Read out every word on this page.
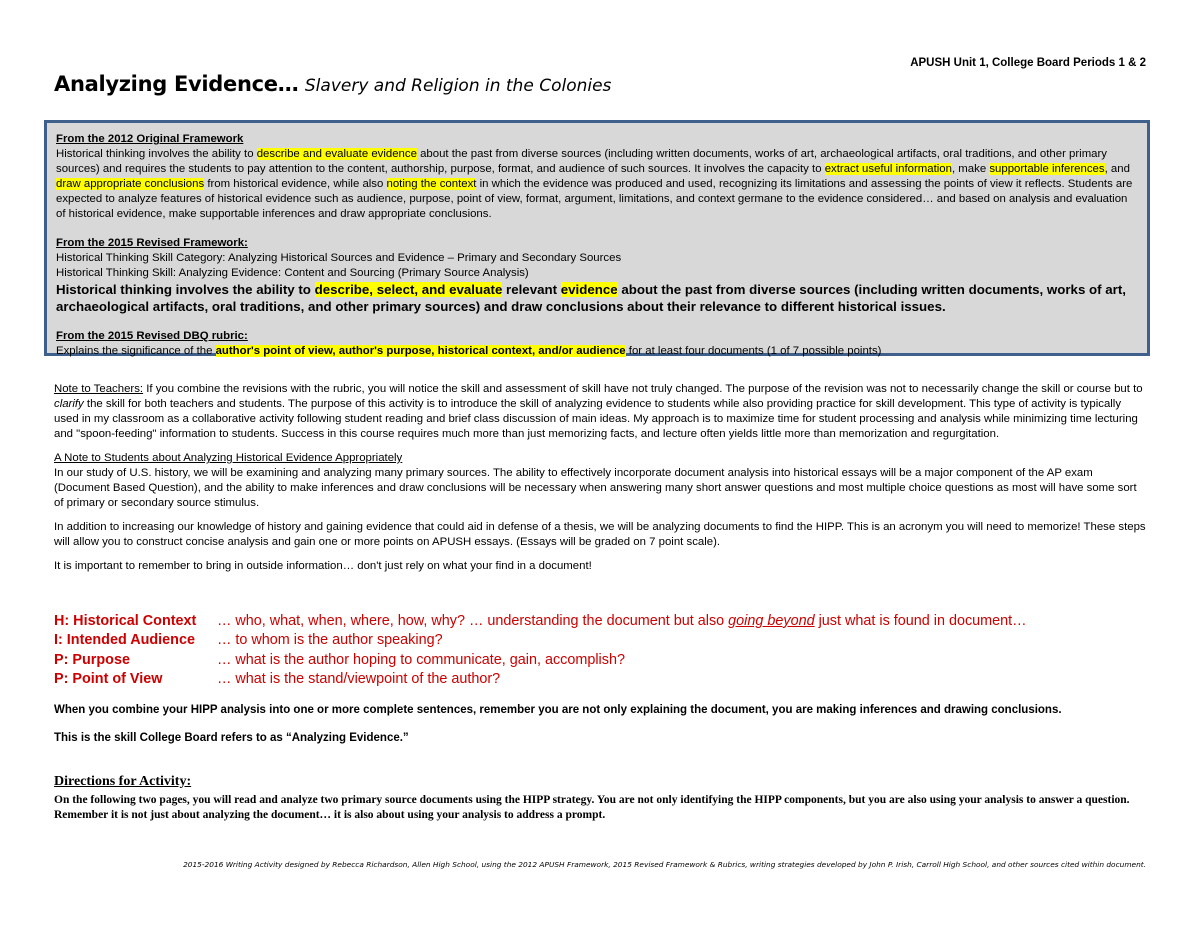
APUSH Unit 1, College Board Periods 1 & 2
Analyzing Evidence… Slavery and Religion in the Colonies
From the 2012 Original Framework
Historical thinking involves the ability to describe and evaluate evidence about the past from diverse sources (including written documents, works of art, archaeological artifacts, oral traditions, and other primary sources) and requires the students to pay attention to the content, authorship, purpose, format, and audience of such sources. It involves the capacity to extract useful information, make supportable inferences, and draw appropriate conclusions from historical evidence, while also noting the context in which the evidence was produced and used, recognizing its limitations and assessing the points of view it reflects. Students are expected to analyze features of historical evidence such as audience, purpose, point of view, format, argument, limitations, and context germane to the evidence considered… and based on analysis and evaluation of historical evidence, make supportable inferences and draw appropriate conclusions.
From the 2015 Revised Framework:
Historical Thinking Skill Category: Analyzing Historical Sources and Evidence – Primary and Secondary Sources
Historical Thinking Skill: Analyzing Evidence: Content and Sourcing (Primary Source Analysis)
Historical thinking involves the ability to describe, select, and evaluate relevant evidence about the past from diverse sources (including written documents, works of art, archaeological artifacts, oral traditions, and other primary sources) and draw conclusions about their relevance to different historical issues.
From the 2015 Revised DBQ rubric:
Explains the significance of the author's point of view, author's purpose, historical context, and/or audience for at least four documents (1 of 7 possible points)

Note to Teachers: If you combine the revisions with the rubric, you will notice the skill and assessment of skill have not truly changed. The purpose of the revision was not to necessarily change the skill or course but to clarify the skill for both teachers and students. The purpose of this activity is to introduce the skill of analyzing evidence to students while also providing practice for skill development. This type of activity is typically used in my classroom as a collaborative activity following student reading and brief class discussion of main ideas. My approach is to maximize time for student processing and analysis while minimizing time lecturing and "spoon-feeding" information to students. Success in this course requires much more than just memorizing facts, and lecture often yields little more than memorization and regurgitation.

A Note to Students about Analyzing Historical Evidence Appropriately

In our study of U.S. history, we will be examining and analyzing many primary sources. The ability to effectively incorporate document analysis into historical essays will be a major component of the AP exam (Document Based Question), and the ability to make inferences and draw conclusions will be necessary when answering many short answer questions and most multiple choice questions as most will have some sort of primary or secondary source stimulus.

In addition to increasing our knowledge of history and gaining evidence that could aid in defense of a thesis, we will be analyzing documents to find the HIPP. This is an acronym you will need to memorize! These steps will allow you to construct concise analysis and gain one or more points on APUSH essays. (Essays will be graded on 7 point scale).

It is important to remember to bring in outside information… don't just rely on what your find in a document!

H: Historical Context … who, what, when, where, how, why? … understanding the document but also going beyond just what is found in document…
I: Intended Audience … to whom is the author speaking?
P: Purpose	… what is the author hoping to communicate, gain, accomplish?
P: Point of View	… what is the stand/viewpoint of the author?
When you combine your HIPP analysis into one or more complete sentences, remember you are not only explaining the document, you are making inferences and drawing conclusions.
This is the skill College Board refers to as “Analyzing Evidence.”
Directions for Activity:
On the following two pages, you will read and analyze two primary source documents using the HIPP strategy. You are not only identifying the HIPP components, but you are also using your analysis to answer a question. Remember it is not just about analyzing the document… it is also about using your analysis to address a prompt.
2015-2016 Writing Activity designed by Rebecca Richardson, Allen High School, using the 2012 APUSH Framework, 2015 Revised Framework & Rubrics, writing strategies developed by John P. Irish, Carroll High School, and other sources cited within document.
